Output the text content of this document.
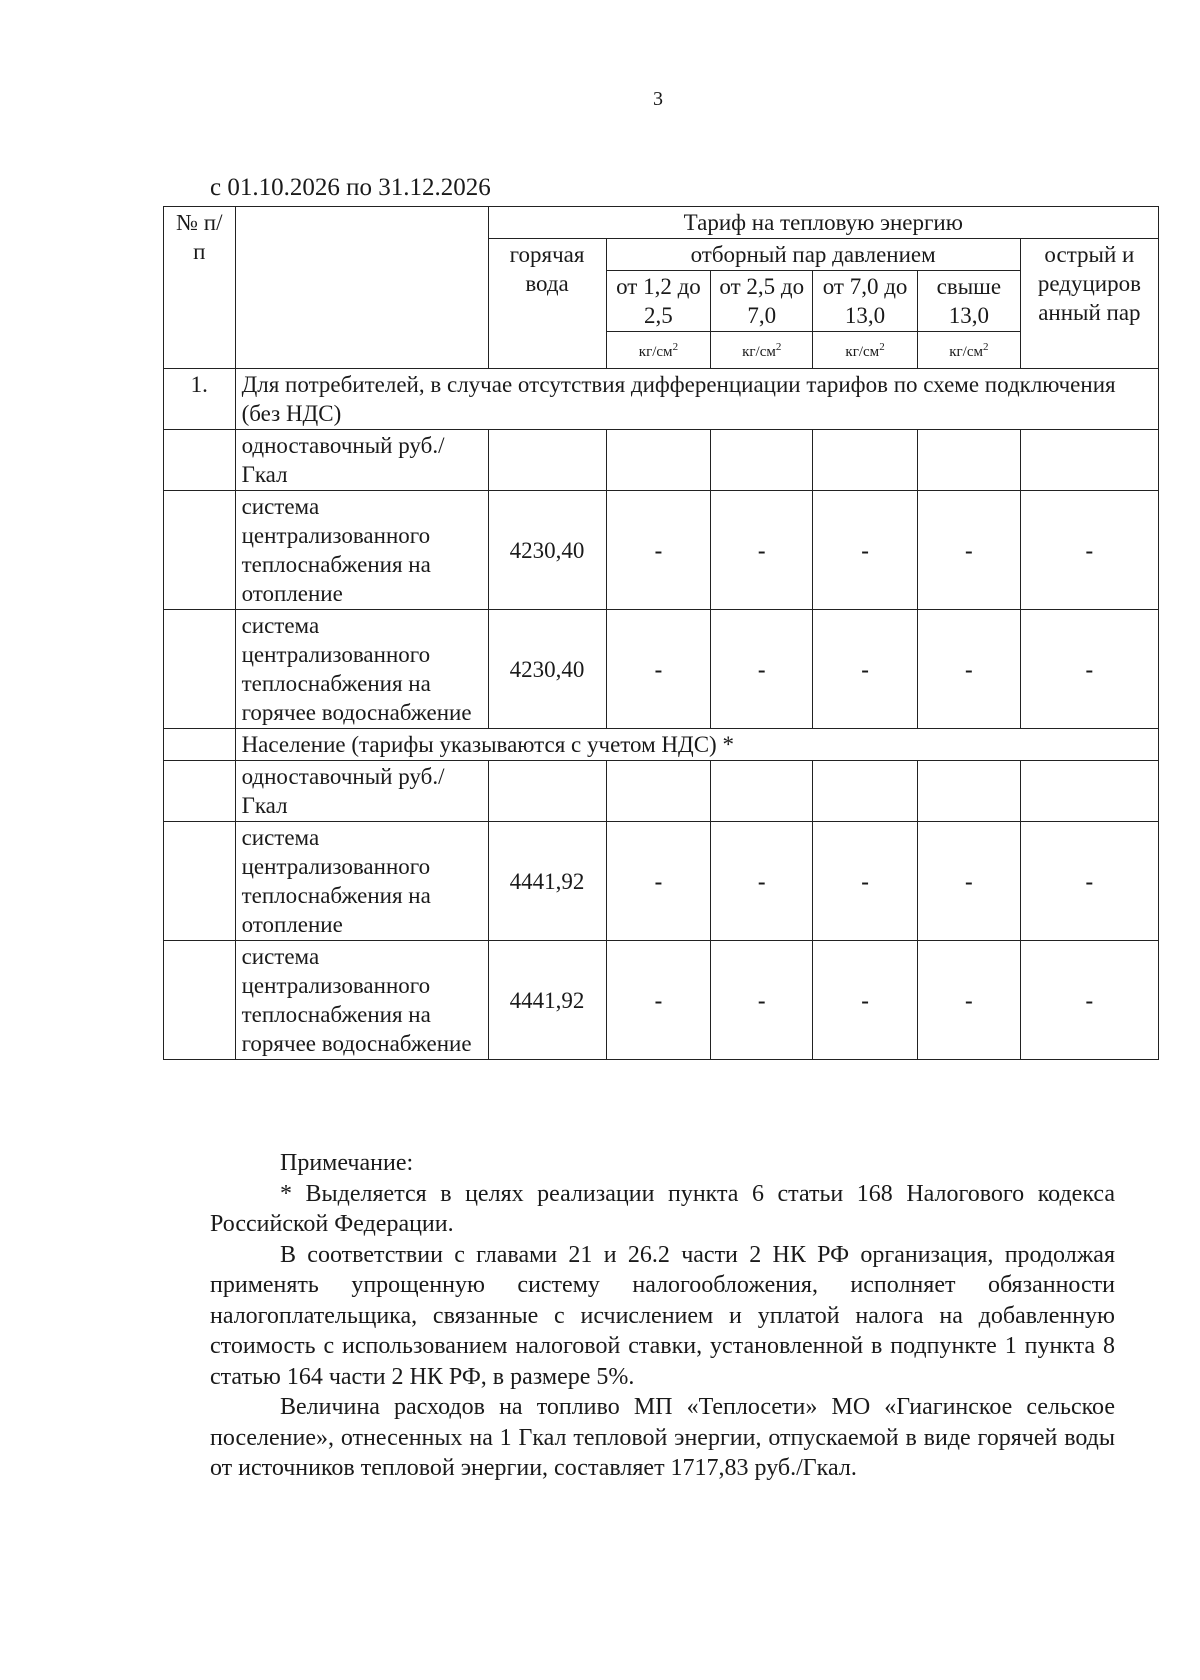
3
с 01.10.2026 по 31.12.2026
№ п/п		Тариф на тепловую энергию					
		горячая вода	отборный пар давлением				острый и редуциров анный пар
			от 1,2 до 2,5	от 2,5 до 7,0	от 7,0 до 13,0	свыше 13,0	
			$кг/см^2$	$кг/см^2$	$кг/см^2$	$кг/см^2$
1.	Для потребителей, в случае отсутствия дифференциации тарифов по схеме подключения (без НДС)						
	одноставочный руб./Гкал						
	система централизованного теплоснабжения на отопление	4230,40	-	-	-	-	-
	система централизованного теплоснабжения на горячее водоснабжение	4230,40	-	-	-	-	-
	Население (тарифы указываются с учетом НДС) *						
	одноставочный руб./Гкал						
	система централизованного теплоснабжения на отопление	4441,92	-	-	-	-	-
	система централизованного теплоснабжения на горячее водоснабжение	4441,92	-	-	-	-	-

Примечание:

* Выделяется в целях реализации пункта 6 статьи 168 Налогового кодекса Российской Федерации.

В соответствии с главами 21 и 26.2 части 2 НК РФ организация, продолжая применять упрощенную систему налогообложения, исполняет обязанности налогоплательщика, связанные с исчислением и уплатой налога на добавленную стоимость с использованием налоговой ставки, установленной в подпункте 1 пункта 8 статью 164 части 2 НК РФ, в размере 5%.

Величина расходов на топливо МП «Теплосети» МО «Гиагинское сельское поселение», отнесенных на 1 Гкал тепловой энергии, отпускаемой в виде горячей воды от источников тепловой энергии, составляет 1717,83 руб./Гкал.
